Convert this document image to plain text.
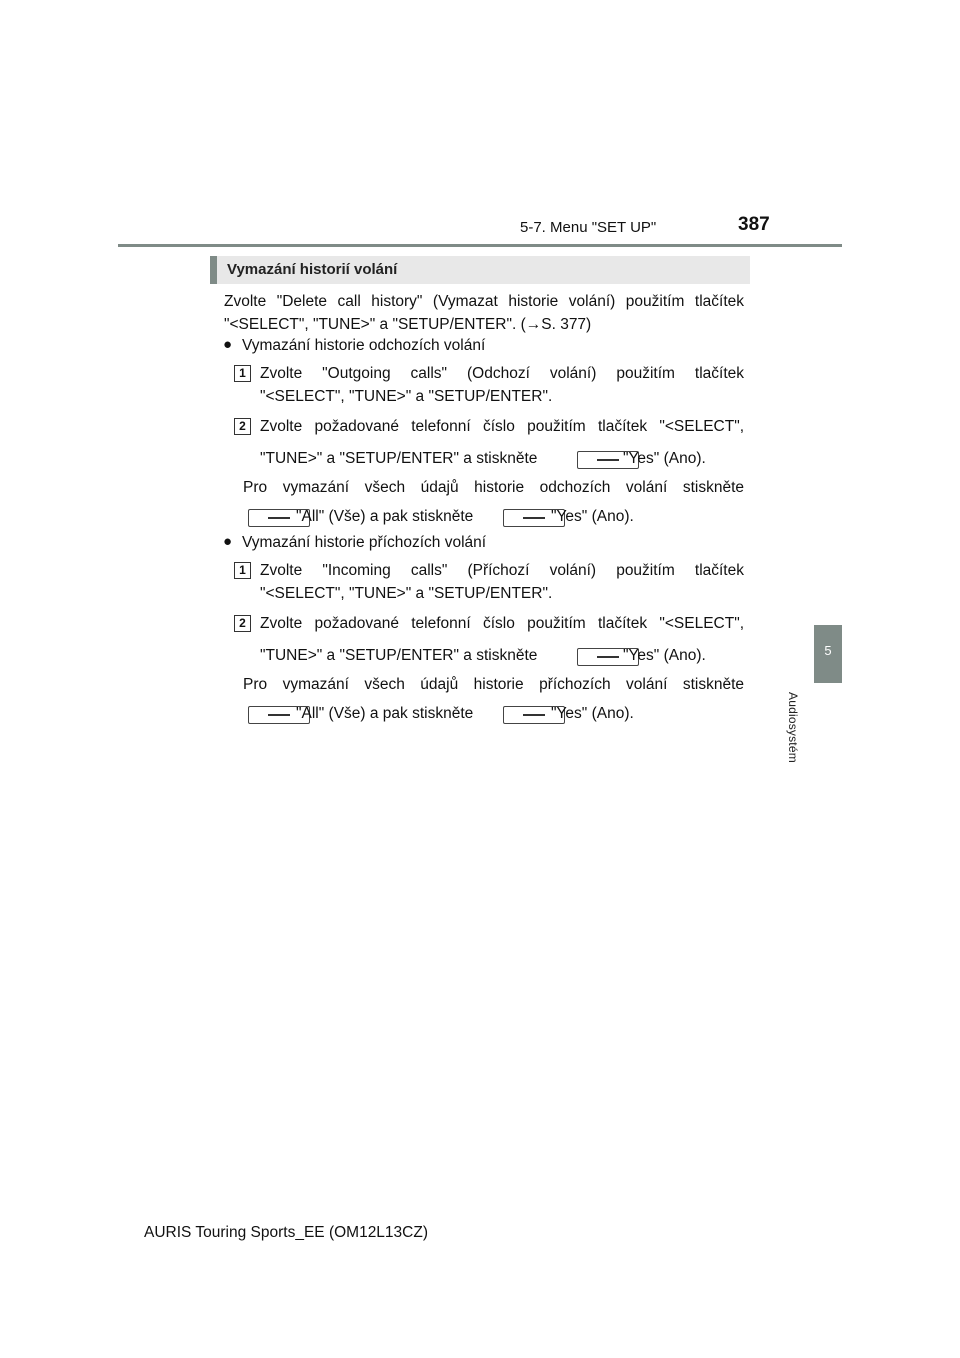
5-7. Menu "SET UP"	387
5
Audiosystém
Vymazání historií volání
Zvolte "Delete call history" (Vymazat historie volání) použitím tlačítek
"<SELECT", "TUNE>" a "SETUP/ENTER". (→S. 377)
● Vymazání historie odchozích volání
1 Zvolte "Outgoing calls" (Odchozí volání) použitím tlačítek
"<SELECT", "TUNE>" a "SETUP/ENTER".
2 Zvolte požadované telefonní číslo použitím tlačítek "<SELECT",
"TUNE>" a "SETUP/ENTER" a stiskněte	"Yes" (Ano).
Pro vymazání všech údajů historie odchozích volání stiskněte
"All" (Vše) a pak stiskněte	"Yes" (Ano).
● Vymazání historie příchozích volání
1 Zvolte "Incoming calls" (Příchozí volání) použitím tlačítek
"<SELECT", "TUNE>" a "SETUP/ENTER".
2 Zvolte požadované telefonní číslo použitím tlačítek "<SELECT",
"TUNE>" a "SETUP/ENTER" a stiskněte	"Yes" (Ano).
Pro vymazání všech údajů historie příchozích volání stiskněte
"All" (Vše) a pak stiskněte	"Yes" (Ano).
AURIS Touring Sports_EE (OM12L13CZ)
